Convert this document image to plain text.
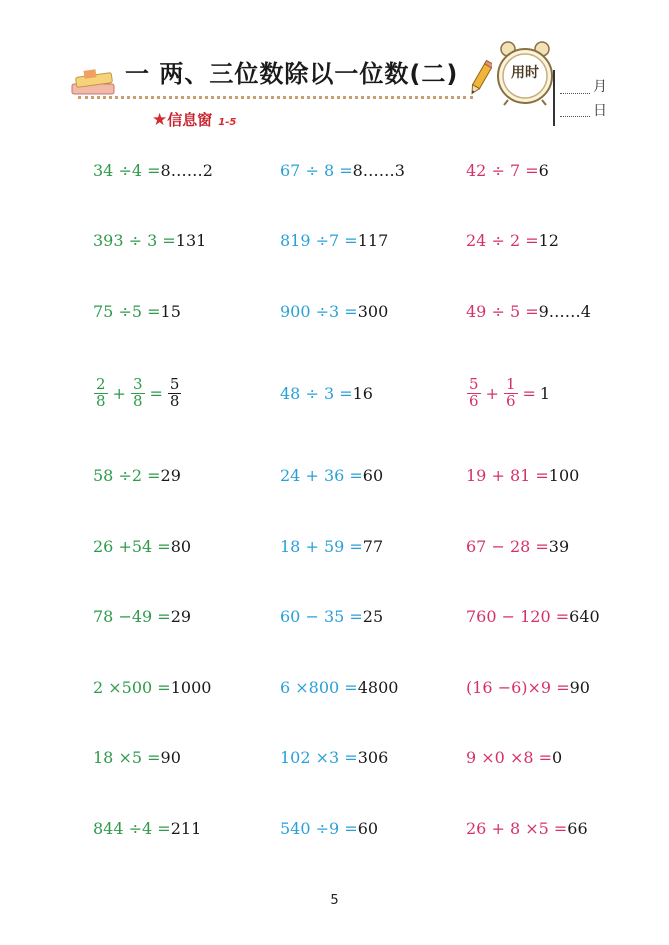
一 两、三位数除以一位数(二)	用时
月
日
★信息窗 1-5
34 ÷4 = 8……2	67 ÷ 8 = 8……3	42 ÷ 7 = 6
393 ÷ 3 = 131	819 ÷7 = 117	24 ÷ 2 = 12
75 ÷5 = 15	900 ÷3 = 300	49 ÷ 5 = 9……4
$\frac{2}{8} + \frac{3}{8} = \frac{5}{8}$	48 ÷ 3 = 16	$\frac{5}{6} + \frac{1}{6} = 1$
58 ÷2 = 29	24 + 36 = 60	19 + 81 = 100
26 +54 = 80	18 + 59 = 77	67 − 28 = 39
78 −49 = 29	60 − 35 = 25	760 − 120 = 640
2 ×500 = 1000	6 ×800 = 4800	(16 −6)×9 = 90
18 ×5 = 90	102 ×3 = 306	9 ×0 ×8 = 0
844 ÷4 = 211	540 ÷9 = 60	26 + 8 ×5 = 66
5
